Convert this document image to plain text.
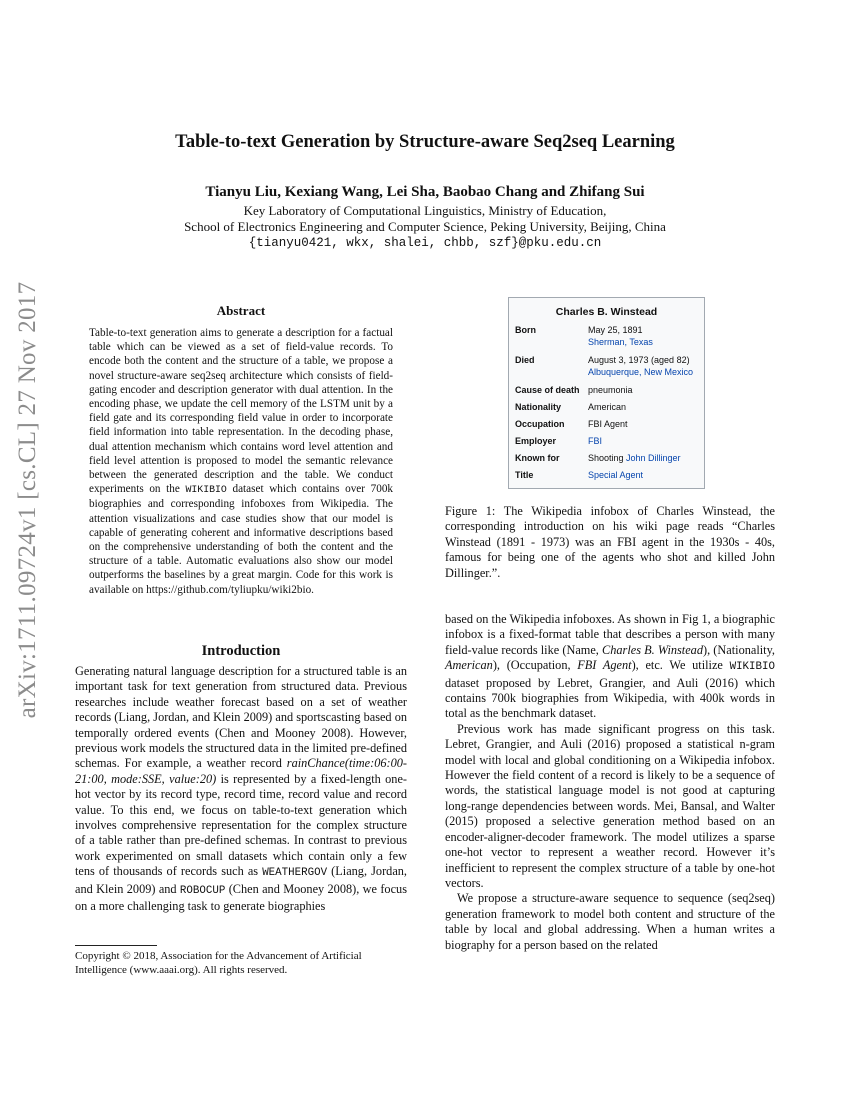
arXiv:1711.09724v1 [cs.CL] 27 Nov 2017
Table-to-text Generation by Structure-aware Seq2seq Learning
Tianyu Liu, Kexiang Wang, Lei Sha, Baobao Chang and Zhifang Sui
Key Laboratory of Computational Linguistics, Ministry of Education,
School of Electronics Engineering and Computer Science, Peking University, Beijing, China
{tianyu0421, wkx, shalei, chbb, szf}@pku.edu.cn
Abstract
Table-to-text generation aims to generate a description for a factual table which can be viewed as a set of field-value records. To encode both the content and the structure of a table, we propose a novel structure-aware seq2seq architecture which consists of field-gating encoder and description generator with dual attention. In the encoding phase, we update the cell memory of the LSTM unit by a field gate and its corresponding field value in order to incorporate field information into table representation. In the decoding phase, dual attention mechanism which contains word level attention and field level attention is proposed to model the semantic relevance between the generated description and the table. We conduct experiments on the WIKIBIO dataset which contains over 700k biographies and corresponding infoboxes from Wikipedia. The attention visualizations and case studies show that our model is capable of generating coherent and informative descriptions based on the comprehensive understanding of both the content and the structure of a table. Automatic evaluations also show our model outperforms the baselines by a great margin. Code for this work is available on https://github.com/tyliupku/wiki2bio.
Introduction
Generating natural language description for a structured table is an important task for text generation from structured data. Previous researches include weather forecast based on a set of weather records (Liang, Jordan, and Klein 2009) and sportscasting based on temporally ordered events (Chen and Mooney 2008). However, previous work models the structured data in the limited pre-defined schemas. For example, a weather record rainChance(time:06:00-21:00, mode:SSE, value:20) is represented by a fixed-length one-hot vector by its record type, record time, record value and record value. To this end, we focus on table-to-text generation which involves comprehensive representation for the complex structure of a table rather than pre-defined schemas. In contrast to previous work experimented on small datasets which contain only a few tens of thousands of records such as WEATHERGOV (Liang, Jordan, and Klein 2009) and ROBOCUP (Chen and Mooney 2008), we focus on a more challenging task to generate biographies
Copyright © 2018, Association for the Advancement of Artificial Intelligence (www.aaai.org). All rights reserved.
Charles B. Winstead
Born	May 25, 1891
Sherman, Texas
Died	August 3, 1973 (aged 82)
Albuquerque, New Mexico
Cause of death pneumonia
Nationality	American
Occupation	FBI Agent
Employer	FBI
Known for	Shooting John Dillinger
Title	Special Agent
Figure 1: The Wikipedia infobox of Charles Winstead, the corresponding introduction on his wiki page reads “Charles Winstead (1891 - 1973) was an FBI agent in the 1930s - 40s, famous for being one of the agents who shot and killed John Dillinger.”.

based on the Wikipedia infoboxes. As shown in Fig 1, a biographic infobox is a fixed-format table that describes a person with many field-value records like (Name, Charles B. Winstead), (Nationality, American), (Occupation, FBI Agent), etc. We utilize WIKIBIO dataset proposed by Lebret, Grangier, and Auli (2016) which contains 700k biographies from Wikipedia, with 400k words in total as the benchmark dataset.

Previous work has made significant progress on this task. Lebret, Grangier, and Auli (2016) proposed a statistical n-gram model with local and global conditioning on a Wikipedia infobox. However the field content of a record is likely to be a sequence of words, the statistical language model is not good at capturing long-range dependencies between words. Mei, Bansal, and Walter (2015) proposed a selective generation method based on an encoder-aligner-decoder framework. The model utilizes a sparse one-hot vector to represent a weather record. However it’s inefficient to represent the complex structure of a table by one-hot vectors.

We propose a structure-aware sequence to sequence (seq2seq) generation framework to model both content and structure of the table by local and global addressing. When a human writes a biography for a person based on the related
